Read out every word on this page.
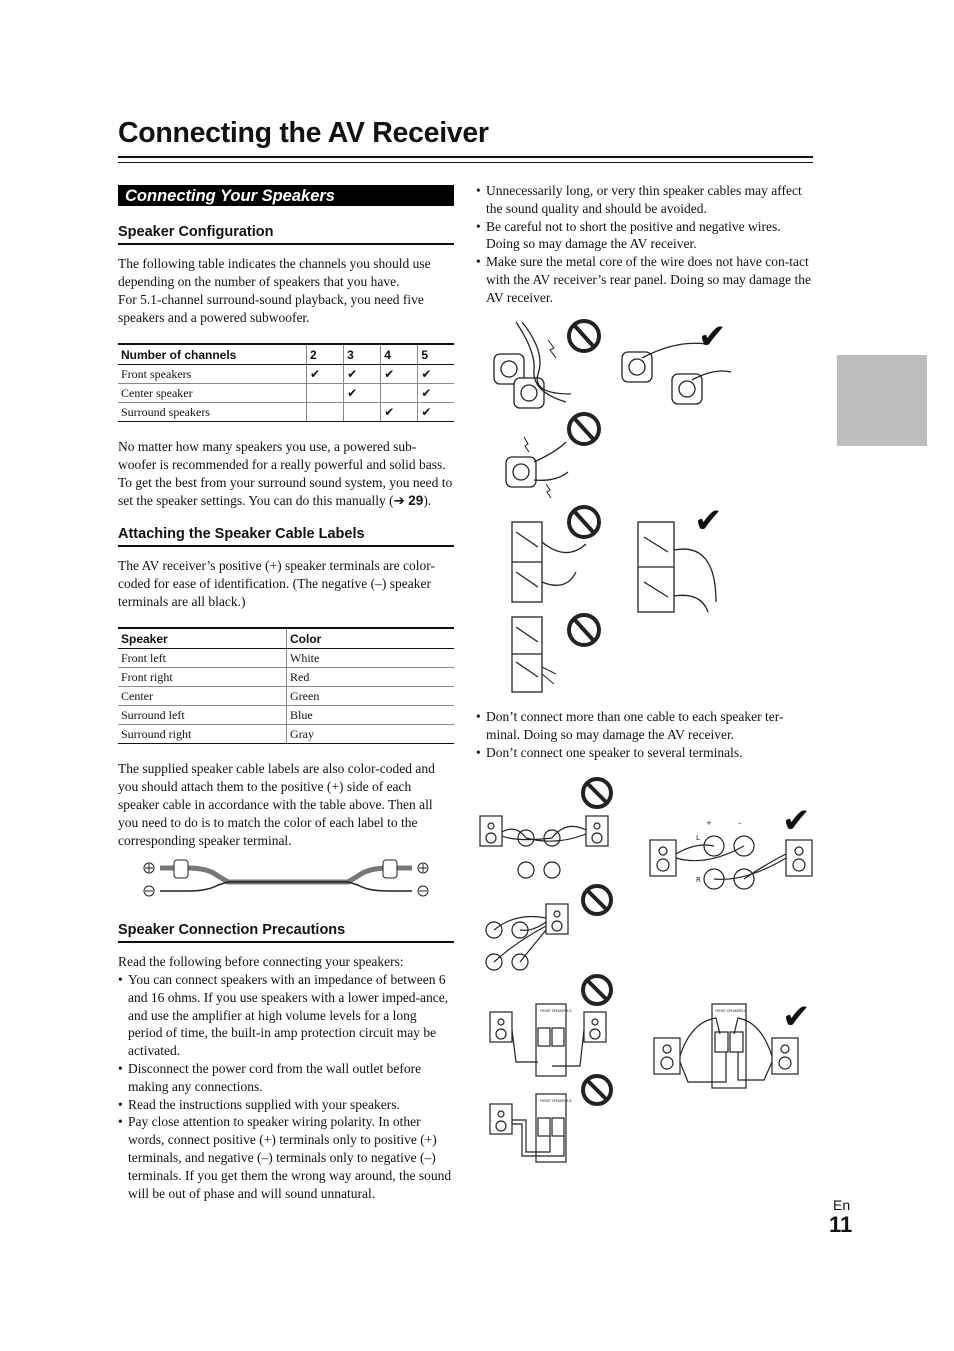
Connecting the AV Receiver
Connecting Your Speakers
Speaker Configuration

The following table indicates the channels you should use depending on the number of speakers that you have.

For 5.1-channel surround-sound playback, you need five speakers and a powered subwoofer.

Number of channels	2	3	4	5
Front speakers	✔	✔	✔	✔
Center speaker		✔		✔
Surround speakers			✔	✔

No matter how many speakers you use, a powered sub-woofer is recommended for a really powerful and solid bass.

To get the best from your surround sound system, you need to set the speaker settings. You can do this manually (➔ 29).

Attaching the Speaker Cable Labels

The AV receiver’s positive (+) speaker terminals are color-coded for ease of identification. (The negative (–) speaker terminals are all black.)

Speaker	Color
Front left	White
Front right	Red
Center	Green
Surround left	Blue
Surround right	Gray

The supplied speaker cable labels are also color-coded and you should attach them to the positive (+) side of each speaker cable in accordance with the table above. Then all you need to do is to match the color of each label to the corresponding speaker terminal.

Speaker Connection Precautions

Read the following before connecting your speakers:

• You can connect speakers with an impedance of between 6 and 16 ohms. If you use speakers with a lower imped-ance, and use the amplifier at high volume levels for a long period of time, the built-in amp protection circuit may be activated.
• Disconnect the power cord from the wall outlet before making any connections.
• Read the instructions supplied with your speakers.
• Pay close attention to speaker wiring polarity. In other words, connect positive (+) terminals only to positive (+) terminals, and negative (–) terminals only to negative (–) terminals. If you get them the wrong way around, the sound will be out of phase and will sound unnatural.
• Unnecessarily long, or very thin speaker cables may affect the sound quality and should be avoided.
• Be careful not to short the positive and negative wires. Doing so may damage the AV receiver.
• Make sure the metal core of the wire does not have con-tact with the AV receiver’s rear panel. Doing so may damage the AV receiver.
✔
✔
• Don’t connect more than one cable to each speaker ter-minal. Doing so may damage the AV receiver.
• Don’t connect one speaker to several terminals.
+	–
L
R
FRONT SPEAKERS B	FRONT SPEAKERS B
FRONT SPEAKERS B
✔
✔
En
11
